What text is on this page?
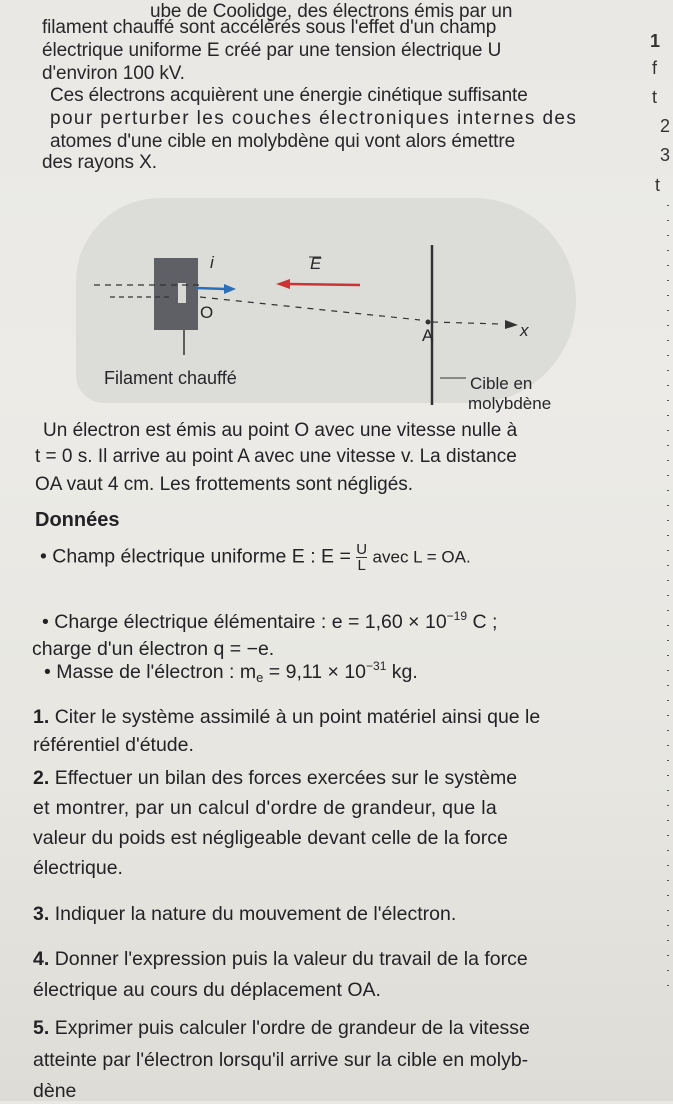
ube de Coolidge, des électrons émis par un

filament chauffé sont accélérés sous l'effet d'un champ

électrique uniforme E créé par une tension électrique U

d'environ 100 kV.

Ces électrons acquièrent une énergie cinétique suffisante

pour perturber les couches électroniques internes des

atomes d'une cible en molybdène qui vont alors émettre

des rayons X.

i	E
O
A	x
Filament chauffé	Cible en
molybdène

Un électron est émis au point O avec une vitesse nulle à

t = 0 s. Il arrive au point A avec une vitesse v. La distance

OA vaut 4 cm. Les frottements sont négligés.

Données

• Champ électrique uniforme E : $E = \frac{U}{L}$ avec L = OA.

• Charge électrique élémentaire : $e = 1,60 \times 10^{-19}$ C ;

charge d'un électron q = −e.

• Masse de l'électron : $m_e = 9,11 \times 10^{-31}$ kg.

1. Citer le système assimilé à un point matériel ainsi que le

référentiel d'étude.

2. Effectuer un bilan des forces exercées sur le système

et montrer, par un calcul d'ordre de grandeur, que la

valeur du poids est négligeable devant celle de la force

électrique.

3. Indiquer la nature du mouvement de l'électron.

4. Donner l'expression puis la valeur du travail de la force

électrique au cours du déplacement OA.

5. Exprimer puis calculer l'ordre de grandeur de la vitesse

atteinte par l'électron lorsqu'il arrive sur la cible en molyb-

dène

1
f
t
2
3
t
